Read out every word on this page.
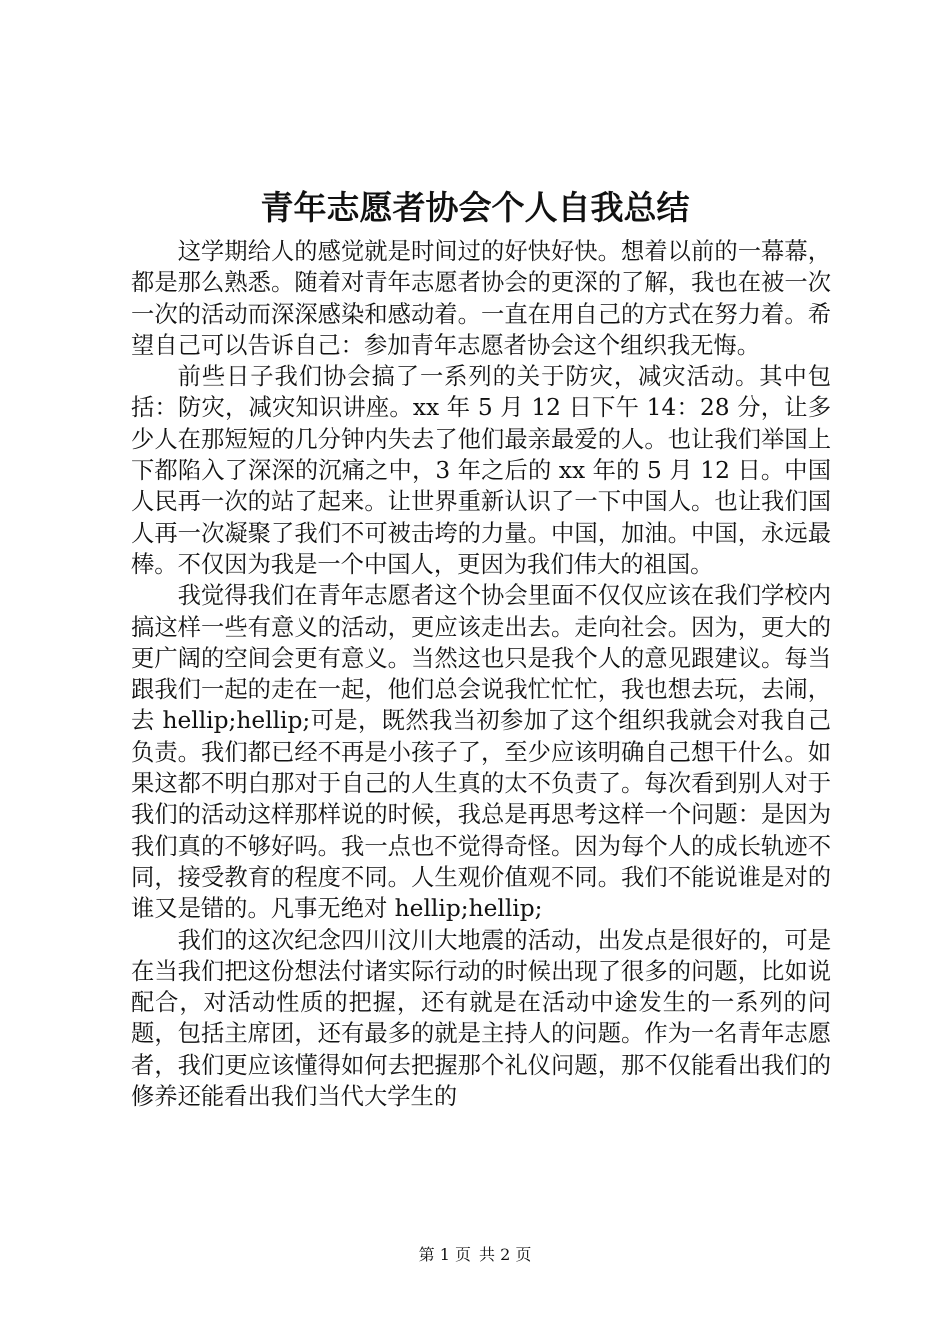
青年志愿者协会个人自我总结

这学期给人的感觉就是时间过的好快好快。想着以前的一幕幕，都是那么熟悉。随着对青年志愿者协会的更深的了解，我也在被一次一次的活动而深深感染和感动着。一直在用自己的方式在努力着。希望自己可以告诉自己：参加青年志愿者协会这个组织我无悔。

前些日子我们协会搞了一系列的关于防灾，减灾活动。其中包括：防灾，减灾知识讲座。xx 年 5 月 12 日下午 14：28 分，让多少人在那短短的几分钟内失去了他们最亲最爱的人。也让我们举国上下都陷入了深深的沉痛之中，3 年之后的 xx 年的 5 月 12 日。中国人民再一次的站了起来。让世界重新认识了一下中国人。也让我们国人再一次凝聚了我们不可被击垮的力量。中国，加油。中国，永远最棒。不仅因为我是一个中国人，更因为我们伟大的祖国。

我觉得我们在青年志愿者这个协会里面不仅仅应该在我们学校内搞这样一些有意义的活动，更应该走出去。走向社会。因为，更大的更广阔的空间会更有意义。当然这也只是我个人的意见跟建议。每当跟我们一起的走在一起，他们总会说我忙忙忙，我也想去玩，去闹，去 hellip;hellip;可是，既然我当初参加了这个组织我就会对我自己负责。我们都已经不再是小孩子了，至少应该明确自己想干什么。如果这都不明白那对于自己的人生真的太不负责了。每次看到别人对于我们的活动这样那样说的时候，我总是再思考这样一个问题：是因为我们真的不够好吗。我一点也不觉得奇怪。因为每个人的成长轨迹不同，接受教育的程度不同。人生观价值观不同。我们不能说谁是对的谁又是错的。凡事无绝对 hellip;hellip;

我们的这次纪念四川汶川大地震的活动，出发点是很好的，可是在当我们把这份想法付诸实际行动的时候出现了很多的问题，比如说配合，对活动性质的把握，还有就是在活动中途发生的一系列的问题，包括主席团，还有最多的就是主持人的问题。作为一名青年志愿者，我们更应该懂得如何去把握那个礼仪问题，那不仅能看出我们的修养还能看出我们当代大学生的

第 1 页 共 2 页
